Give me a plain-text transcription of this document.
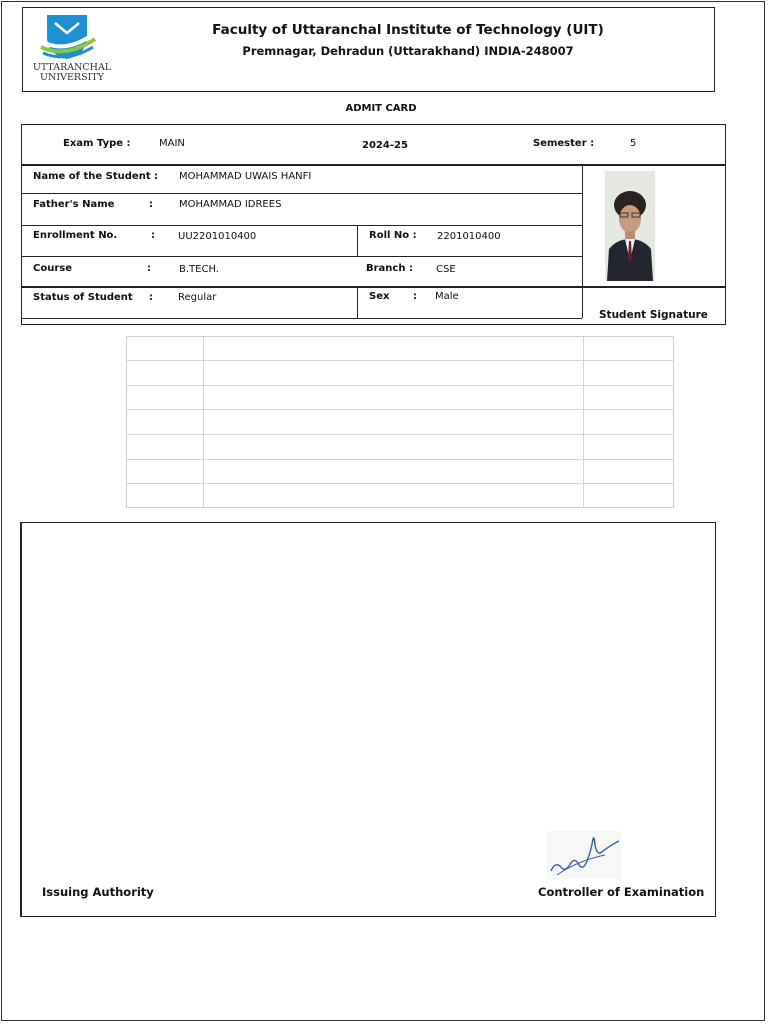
UTTARANCHAL
UNIVERSITY
Faculty of Uttaranchal Institute of Technology (UIT)
Premnagar, Dehradun (Uttarakhand) INDIA-248007
ADMIT CARD
Exam Type :	MAIN	2024-25	Semester :	5
Name of the Student : MOHAMMAD UWAIS HANFI
Father's Name	:	MOHAMMAD IDREES
Enrollment No.	: UU2201010400	Roll No : 2201010400
Course	:	B.TECH.	Branch : CSE
Status of Student :	Regular	Sex : Male
Student Signature
Issuing Authority	Controller of Examination
